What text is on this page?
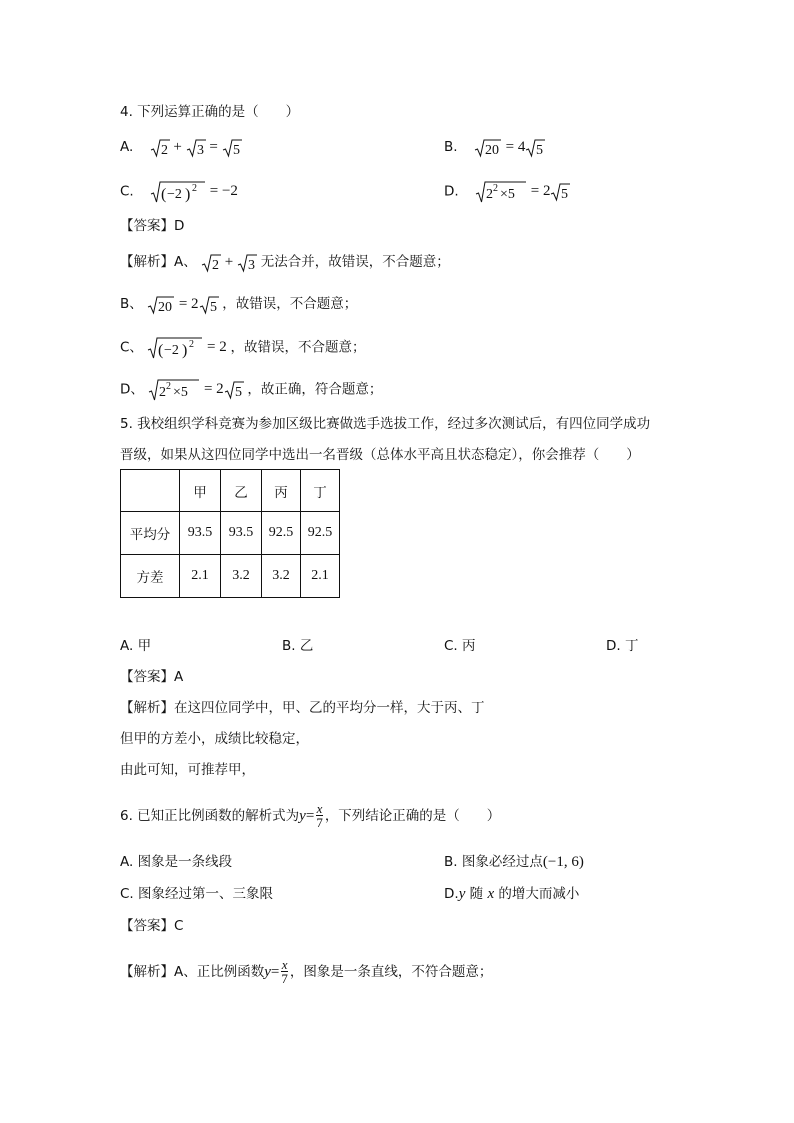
4. 下列运算正确的是（　　）
A. 2 + 3 = 5	B. 20 = 4 5
C. ( −2 ) 2 = −2	D. 2 2 ×5 = 2 5
【答案】D
【解析】A、 2 + 3 无法合并，故错误，不合题意；
B、 20 = 2 5 ，故错误，不合题意；
C、 ( −2 ) 2 = 2 ，故错误，不合题意；
D、 2 2 ×5 = 2 5 ，故正确，符合题意；
5. 我校组织学科竞赛为参加区级比赛做选手选拔工作，经过多次测试后，有四位同学成功
晋级，如果从这四位同学中选出一名晋级（总体水平高且状态稳定），你会推荐（　　）
	甲	乙	丙	丁
平均分	93.5	93.5	92.5	92.5
方差	2.1	3.2	3.2	2.1
A. 甲	B. 乙	C. 丙	D. 丁
【答案】A
【解析】在这四位同学中，甲、乙的平均分一样，大于丙、丁
但甲的方差小，成绩比较稳定，
由此可知，可推荐甲，
6. 已知正比例函数的解析式为$y= \frac{x}{7}$ ，下列结论正确的是（　　）
A. 图象是一条线段	B. 图象必经过点(−1, 6)
C. 图象经过第一、三象限	D.y 随 x 的增大而减小
【答案】C
【解析】A、正比例函数$y= \frac{x}{7}$ ，图象是一条直线，不符合题意；
